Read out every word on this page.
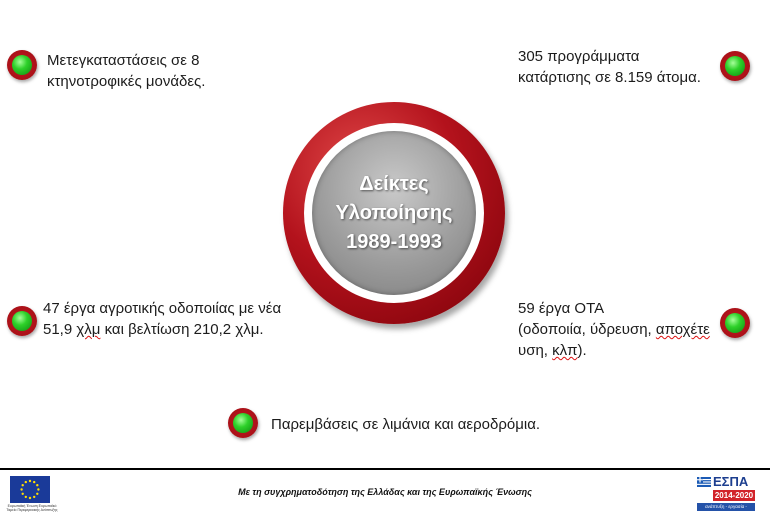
Δείκτες
Υλοποίησης
1989-1993
Μετεγκαταστάσεις σε 8
κτηνοτροφικές μονάδες.
305 προγράμματα
κατάρτισης σε 8.159 άτομα.
47 έργα αγροτικής οδοποιίας με νέα
51,9 χλμ και βελτίωση 210,2 χλμ.
59 έργα ΟΤΑ
(οδοποιία, ύδρευση, αποχέτε
υση, κλπ).
Παρεμβάσεις σε λιμάνια και αεροδρόμια.
Ευρωπαϊκή Ένωση Ευρωπαϊκό Ταμείο Περιφερειακής Ανάπτυξης
Με τη συγχρηματοδότηση της Ελλάδας και της Ευρωπαϊκής Ένωσης
ΕΣΠΑ
2014-2020
ανάπτυξη - εργασία - αλληλεγγύη
